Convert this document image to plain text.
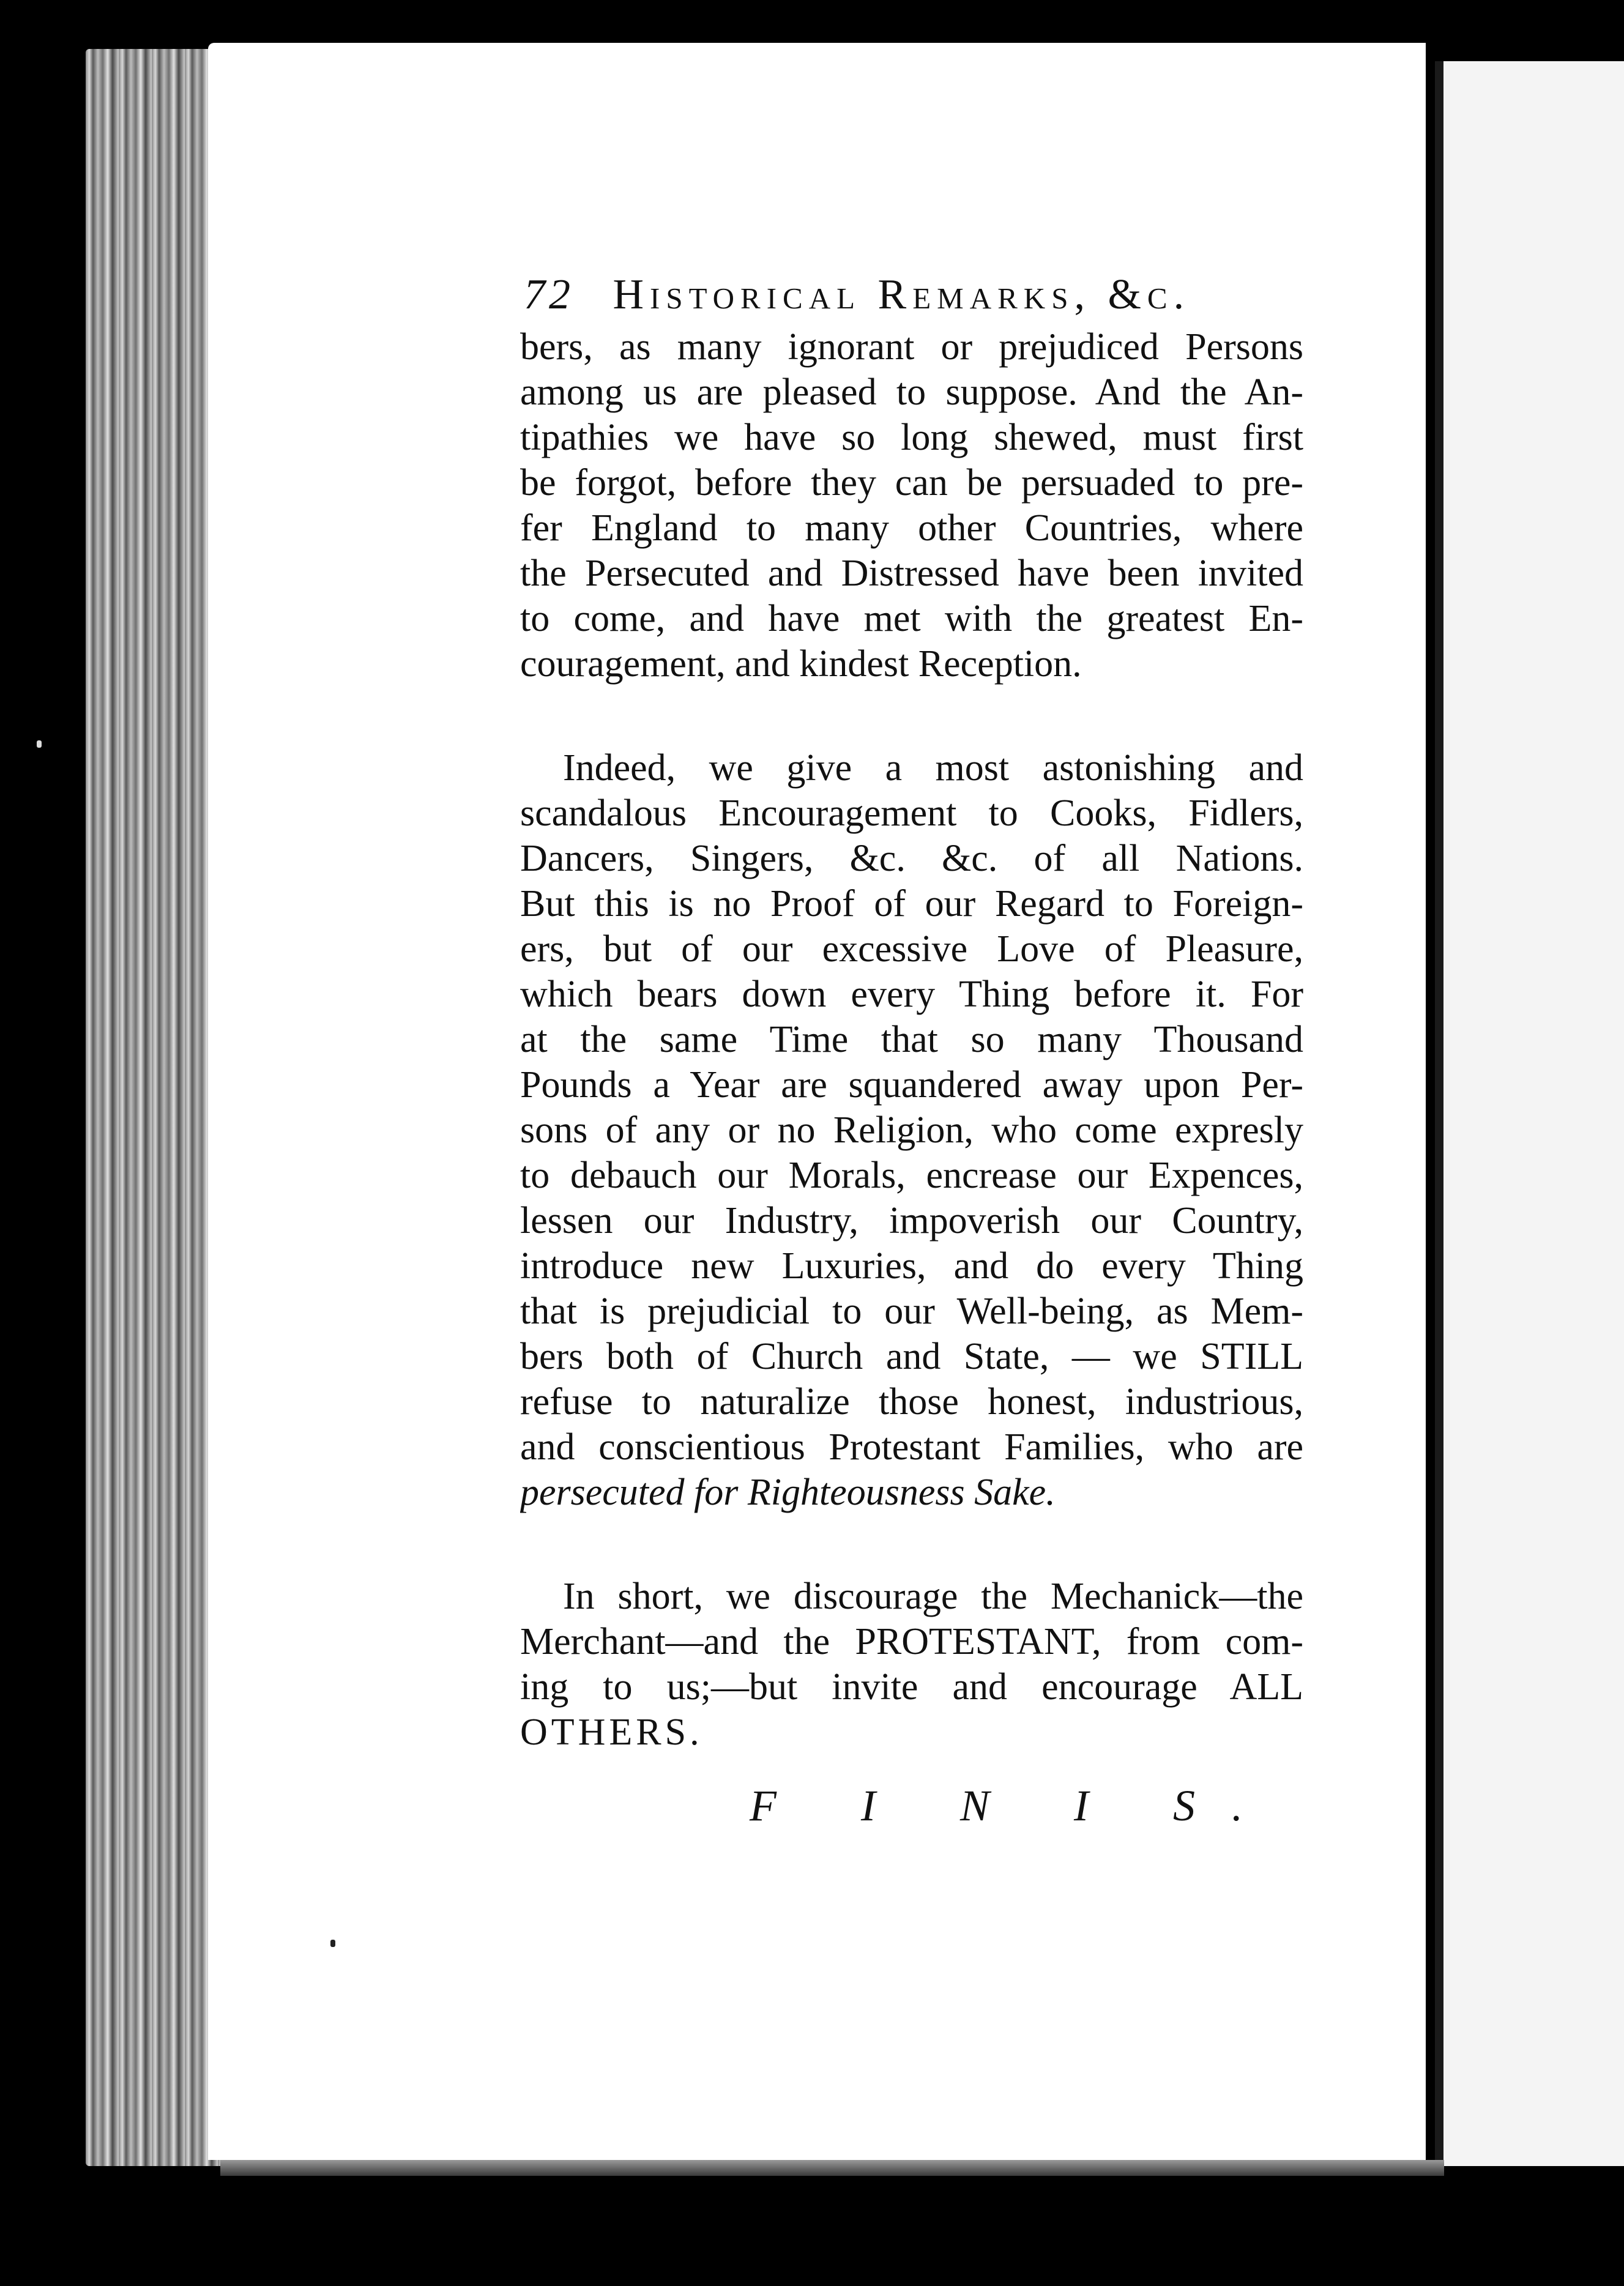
72 Historical Remarks, &c.
bers, as many ignorant or prejudiced Persons
among us are pleased to suppose. And the An-
tipathies we have so long shewed, must first
be forgot, before they can be persuaded to pre-
fer England to many other Countries, where
the Persecuted and Distressed have been invited
to come, and have met with the greatest En-
couragement, and kindest Reception.
Indeed, we give a most astonishing and
scandalous Encouragement to Cooks, Fidlers,
Dancers, Singers, &c. &c. of all Nations.
But this is no Proof of our Regard to Foreign-
ers, but of our excessive Love of Pleasure,
which bears down every Thing before it. For
at the same Time that so many Thousand
Pounds a Year are squandered away upon Per-
sons of any or no Religion, who come expresly
to debauch our Morals, encrease our Expences,
lessen our Industry, impoverish our Country,
introduce new Luxuries, and do every Thing
that is prejudicial to our Well-being, as Mem-
bers both of Church and State, — we STILL
refuse to naturalize those honest, industrious,
and conscientious Protestant Families, who are
persecuted for Righteousness Sake.
In short, we discourage the Mechanick—the
Merchant—and the PROTESTANT, from com-
ing to us;—but invite and encourage ALL
OTHERS.
F I N I S.
